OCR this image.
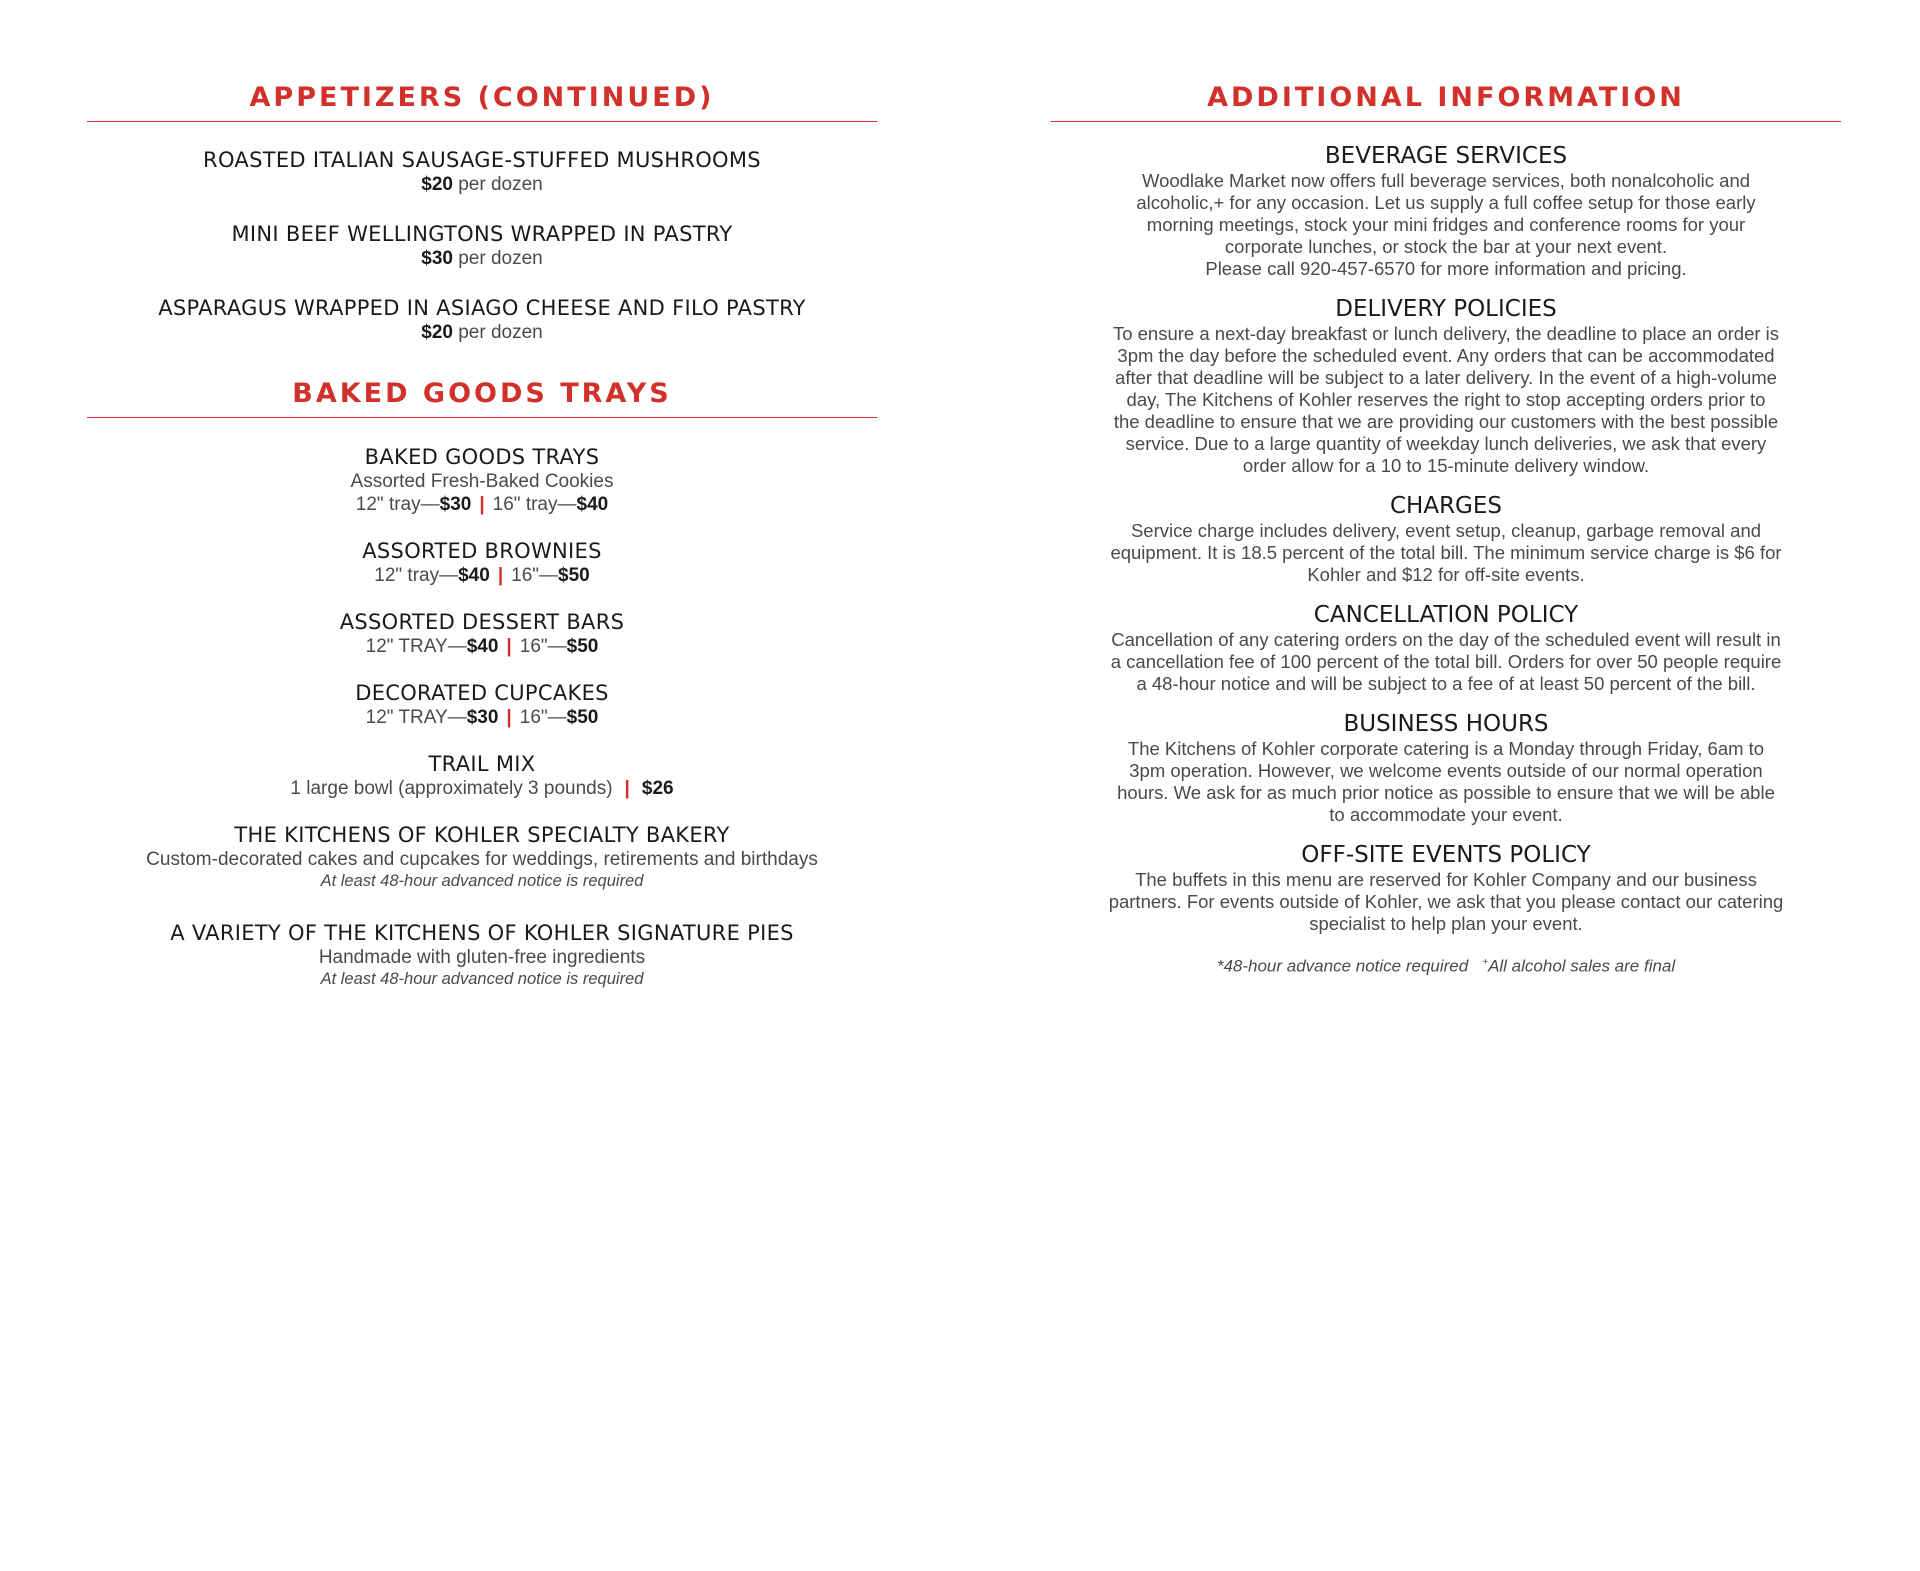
APPETIZERS (CONTINUED)

ROASTED ITALIAN SAUSAGE-STUFFED MUSHROOMS

$20 per dozen

MINI BEEF WELLINGTONS WRAPPED IN PASTRY

$30 per dozen

ASPARAGUS WRAPPED IN ASIAGO CHEESE AND FILO PASTRY

$20 per dozen

BAKED GOODS TRAYS

BAKED GOODS TRAYS

Assorted Fresh-Baked Cookies

12" tray—$30 | 16" tray—$40

ASSORTED BROWNIES

12" tray—$40 | 16"—$50

ASSORTED DESSERT BARS

12" TRAY—$40 | 16"—$50

DECORATED CUPCAKES

12" TRAY—$30 | 16"—$50

TRAIL MIX

1 large bowl (approximately 3 pounds) | $26

THE KITCHENS OF KOHLER SPECIALTY BAKERY

Custom-decorated cakes and cupcakes for weddings, retirements and birthdays

At least 48-hour advanced notice is required

A VARIETY OF THE KITCHENS OF KOHLER SIGNATURE PIES

Handmade with gluten-free ingredients

At least 48-hour advanced notice is required

ADDITIONAL INFORMATION

BEVERAGE SERVICES

Woodlake Market now offers full beverage services, both nonalcoholic and

alcoholic,+ for any occasion. Let us supply a full coffee setup for those early

morning meetings, stock your mini fridges and conference rooms for your

corporate lunches, or stock the bar at your next event.

Please call 920-457-6570 for more information and pricing.

DELIVERY POLICIES

To ensure a next-day breakfast or lunch delivery, the deadline to place an order is

3pm the day before the scheduled event. Any orders that can be accommodated

after that deadline will be subject to a later delivery. In the event of a high-volume

day, The Kitchens of Kohler reserves the right to stop accepting orders prior to

the deadline to ensure that we are providing our customers with the best possible

service. Due to a large quantity of weekday lunch deliveries, we ask that every

order allow for a 10 to 15-minute delivery window.

CHARGES

Service charge includes delivery, event setup, cleanup, garbage removal and

equipment. It is 18.5 percent of the total bill. The minimum service charge is $6 for

Kohler and $12 for off-site events.

CANCELLATION POLICY

Cancellation of any catering orders on the day of the scheduled event will result in

a cancellation fee of 100 percent of the total bill. Orders for over 50 people require

a 48-hour notice and will be subject to a fee of at least 50 percent of the bill.

BUSINESS HOURS

The Kitchens of Kohler corporate catering is a Monday through Friday, 6am to

3pm operation. However, we welcome events outside of our normal operation

hours. We ask for as much prior notice as possible to ensure that we will be able

to accommodate your event.

OFF-SITE EVENTS POLICY

The buffets in this menu are reserved for Kohler Company and our business

partners. For events outside of Kohler, we ask that you please contact our catering

specialist to help plan your event.

*48-hour advance notice required +All alcohol sales are final
